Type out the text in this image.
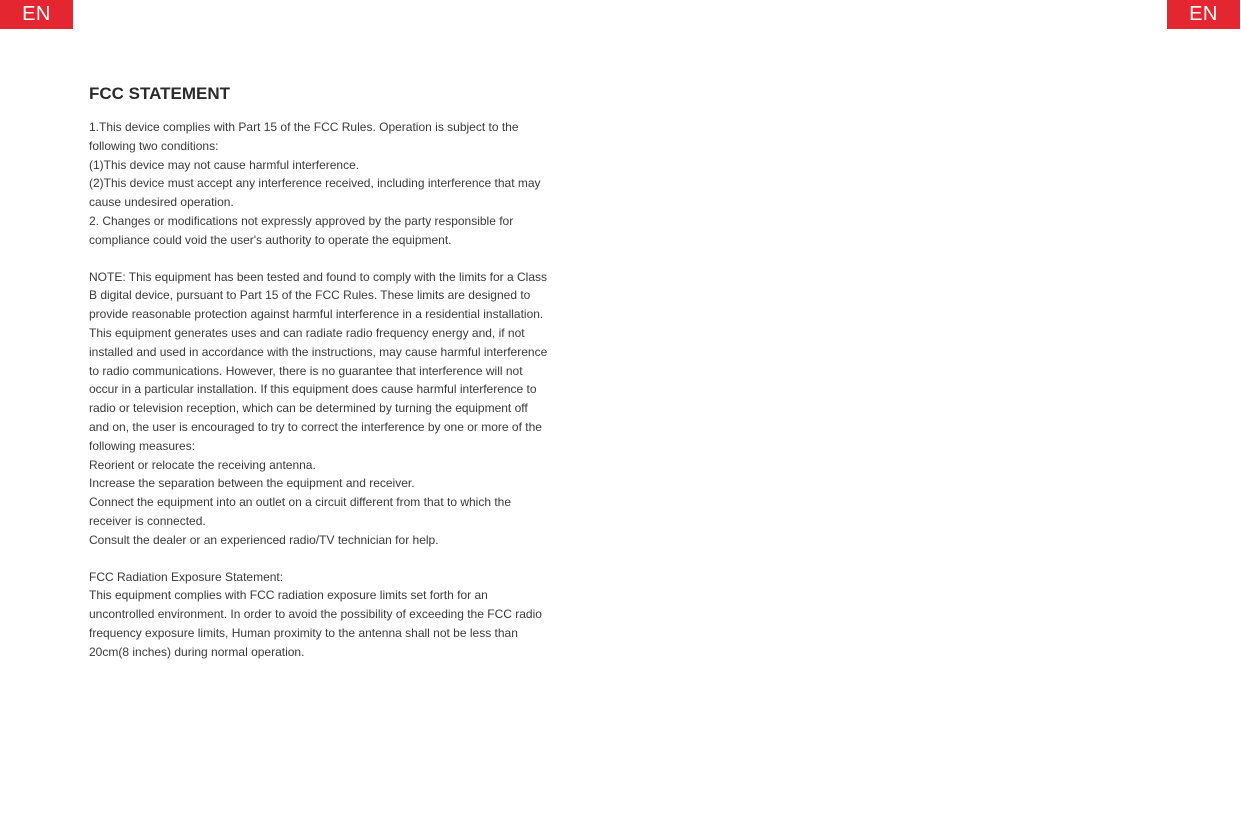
EN	EN
FCC STATEMENT
1.This device complies with Part 15 of the FCC Rules. Operation is subject to the following two conditions:
(1)This device may not cause harmful interference.
(2)This device must accept any interference received, including interference that may cause undesired operation.
2. Changes or modifications not expressly approved by the party responsible for compliance could void the user's authority to operate the equipment.
NOTE: This equipment has been tested and found to comply with the limits for a Class B digital device, pursuant to Part 15 of the FCC Rules. These limits are designed to provide reasonable protection against harmful interference in a residential installation.
This equipment generates uses and can radiate radio frequency energy and, if not installed and used in accordance with the instructions, may cause harmful interference to radio communications. However, there is no guarantee that interference will not occur in a particular installation. If this equipment does cause harmful interference to radio or television reception, which can be determined by turning the equipment off and on, the user is encouraged to try to correct the interference by one or more of the following measures:
Reorient or relocate the receiving antenna.
Increase the separation between the equipment and receiver.
Connect the equipment into an outlet on a circuit different from that to which the receiver is connected.
Consult the dealer or an experienced radio/TV technician for help.
FCC Radiation Exposure Statement:
This equipment complies with FCC radiation exposure limits set forth for an uncontrolled environment. In order to avoid the possibility of exceeding the FCC radio frequency exposure limits, Human proximity to the antenna shall not be less than 20cm(8 inches) during normal operation.
